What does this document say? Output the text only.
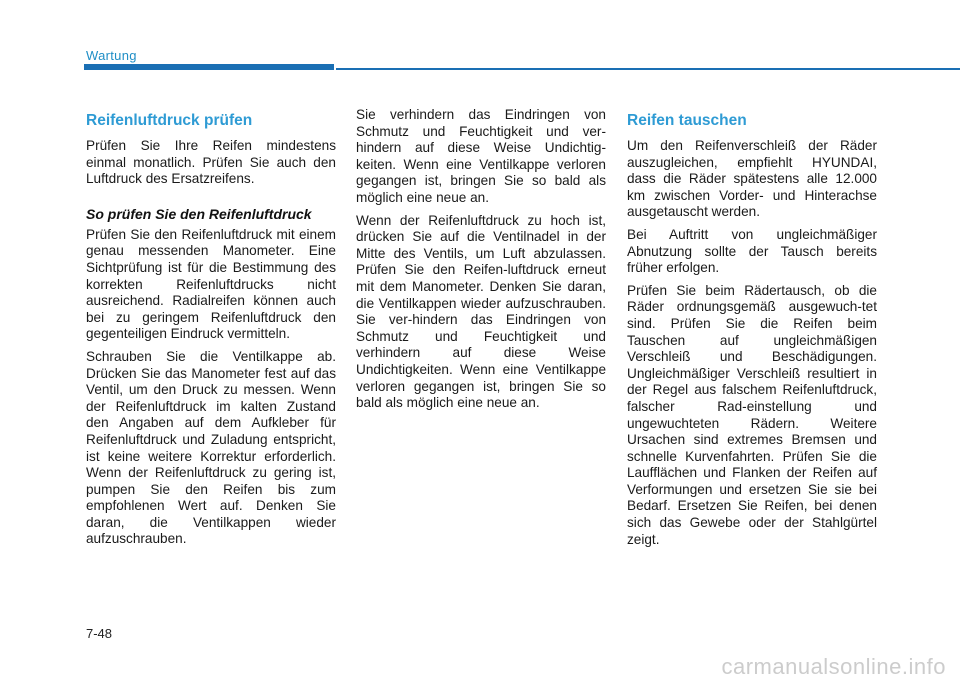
Wartung
Reifenluftdruck prüfen

Prüfen Sie Ihre Reifen mindestens einmal monatlich. Prüfen Sie auch den Luftdruck des Ersatzreifens.

So prüfen Sie den Reifenluftdruck

Prüfen Sie den Reifenluftdruck mit einem genau messenden Manometer. Eine Sichtprüfung ist für die Bestimmung des korrekten Reifenluftdrucks nicht ausreichend. Radialreifen können auch bei zu geringem Reifenluftdruck den gegenteiligen Eindruck vermitteln.

Schrauben Sie die Ventilkappe ab. Drücken Sie das Manometer fest auf das Ventil, um den Druck zu messen. Wenn der Reifenluftdruck im kalten Zustand den Angaben auf dem Aufkleber für Reifenluftdruck und Zuladung entspricht, ist keine weitere Korrektur erforderlich. Wenn der Reifenluftdruck zu gering ist, pumpen Sie den Reifen bis zum empfohlenen Wert auf. Denken Sie daran, die Ventilkappen wieder aufzuschrauben.

Sie verhindern das Eindringen von Schmutz und Feuchtigkeit und ver-hindern auf diese Weise Undichtig-keiten. Wenn eine Ventilkappe verloren gegangen ist, bringen Sie so bald als möglich eine neue an.

Wenn der Reifenluftdruck zu hoch ist, drücken Sie auf die Ventilnadel in der Mitte des Ventils, um Luft abzulassen. Prüfen Sie den Reifen-luftdruck erneut mit dem Manometer. Denken Sie daran, die Ventilkappen wieder aufzuschrauben. Sie ver-hindern das Eindringen von Schmutz und Feuchtigkeit und verhindern auf diese Weise Undichtigkeiten. Wenn eine Ventilkappe verloren gegangen ist, bringen Sie so bald als möglich eine neue an.

Reifen tauschen

Um den Reifenverschleiß der Räder auszugleichen, empfiehlt HYUNDAI, dass die Räder spätestens alle 12.000 km zwischen Vorder- und Hinterachse ausgetauscht werden.

Bei Auftritt von ungleichmäßiger Abnutzung sollte der Tausch bereits früher erfolgen.

Prüfen Sie beim Rädertausch, ob die Räder ordnungsgemäß ausgewuch-tet sind. Prüfen Sie die Reifen beim Tauschen auf ungleichmäßigen Verschleiß und Beschädigungen. Ungleichmäßiger Verschleiß resultiert in der Regel aus falschem Reifenluftdruck, falscher Rad-einstellung und ungewuchteten Rädern. Weitere Ursachen sind extremes Bremsen und schnelle Kurvenfahrten. Prüfen Sie die Laufflächen und Flanken der Reifen auf Verformungen und ersetzen Sie sie bei Bedarf. Ersetzen Sie Reifen, bei denen sich das Gewebe oder der Stahlgürtel zeigt.

7-48
carmanualsonline.info
